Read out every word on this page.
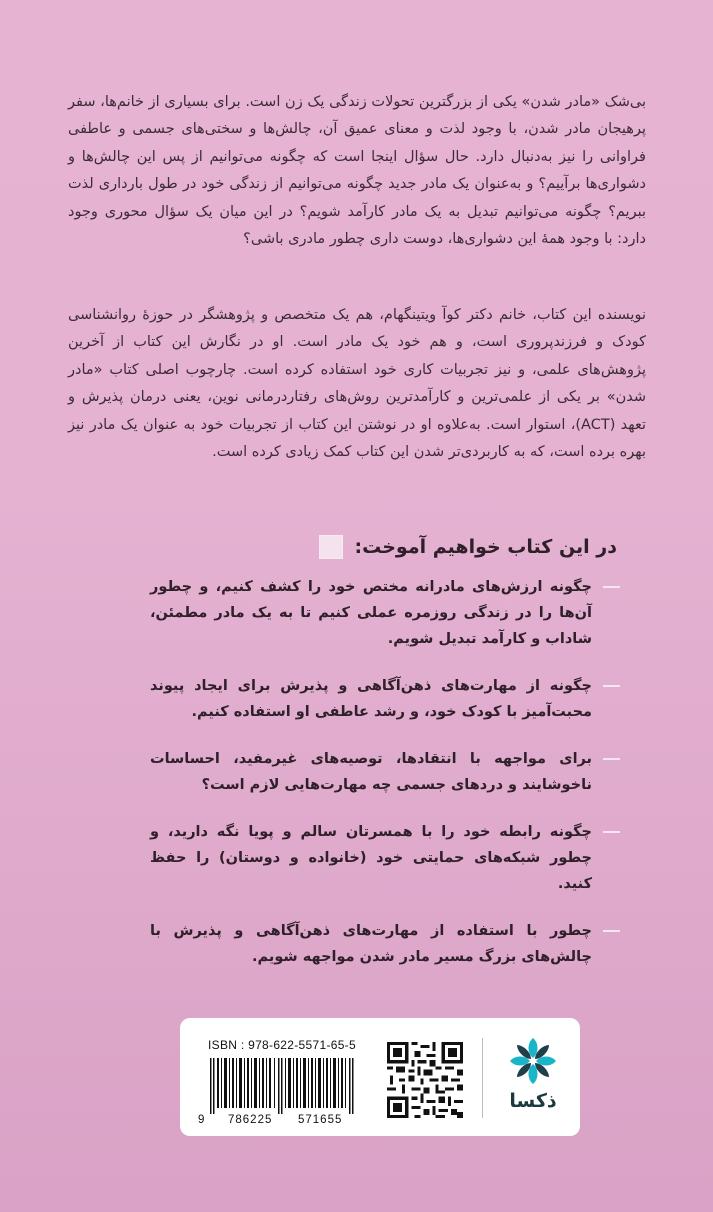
بی‌شک «مادر شدن» یکی از بزرگترین تحولات زندگی یک زن است. برای بسیاری از خانم‌ها، سفر پرهیجان مادر شدن، با وجود لذت و معنای عمیق آن، چالش‌ها و سختی‌های جسمی و عاطفی فراوانی را نیز به‌دنبال دارد. حال سؤال اینجا است که چگونه می‌توانیم از پس این چالش‌ها و دشواری‌ها برآییم؟ و به‌عنوان یک مادر جدید چگونه می‌توانیم از زندگی خود در طول بارداری لذت ببریم؟ چگونه می‌توانیم تبدیل به یک مادر کارآمد شویم؟ در این میان یک سؤال محوری وجود دارد: با وجود همهٔ این دشواری‌ها، دوست داری چطور مادری باشی؟

نویسنده این کتاب، خانم دکتر کوآ ویتینگهام، هم یک متخصص و پژوهشگر در حوزهٔ روانشناسی کودک و فرزندپروری است، و هم خود یک مادر است. او در نگارش این کتاب از آخرین پژوهش‌های علمی، و نیز تجربیات کاری خود استفاده کرده است. چارچوب اصلی کتاب «مادر شدن» بر یکی از علمی‌ترین و کارآمدترین روش‌های رفتاردرمانی نوین، یعنی درمان پذیرش و تعهد (ACT)، استوار است. به‌علاوه او در نوشتن این کتاب از تجربیات خود به عنوان یک مادر نیز بهره برده است، که به کاربردی‌تر شدن این کتاب کمک زیادی کرده است.

در این کتاب خواهیم آموخت:
چگونه ارزش‌های مادرانه مختص خود را کشف کنیم، و چطور آن‌ها را در زندگی روزمره عملی کنیم تا به یک مادر مطمئن، شاداب و کارآمد تبدیل شویم.
چگونه از مهارت‌های ذهن‌آگاهی و پذیرش برای ایجاد پیوند محبت‌آمیز با کودک خود، و رشد عاطفی او استفاده کنیم.
برای مواجهه با انتقادها، توصیه‌های غیرمفید، احساسات ناخوشایند و دردهای جسمی چه مهارت‌هایی لازم است؟
چگونه رابطه خود را با همسرتان سالم و پویا نگه دارید، و چطور شبکه‌های حمایتی خود (خانواده و دوستان) را حفظ کنید.
چطور با استفاده از مهارت‌های ذهن‌آگاهی و پذیرش با چالش‌های بزرگ مسیر مادر شدن مواجهه شویم.
ذکسا
ISBN : 978-622-5571-65-5
9 786225 571655
